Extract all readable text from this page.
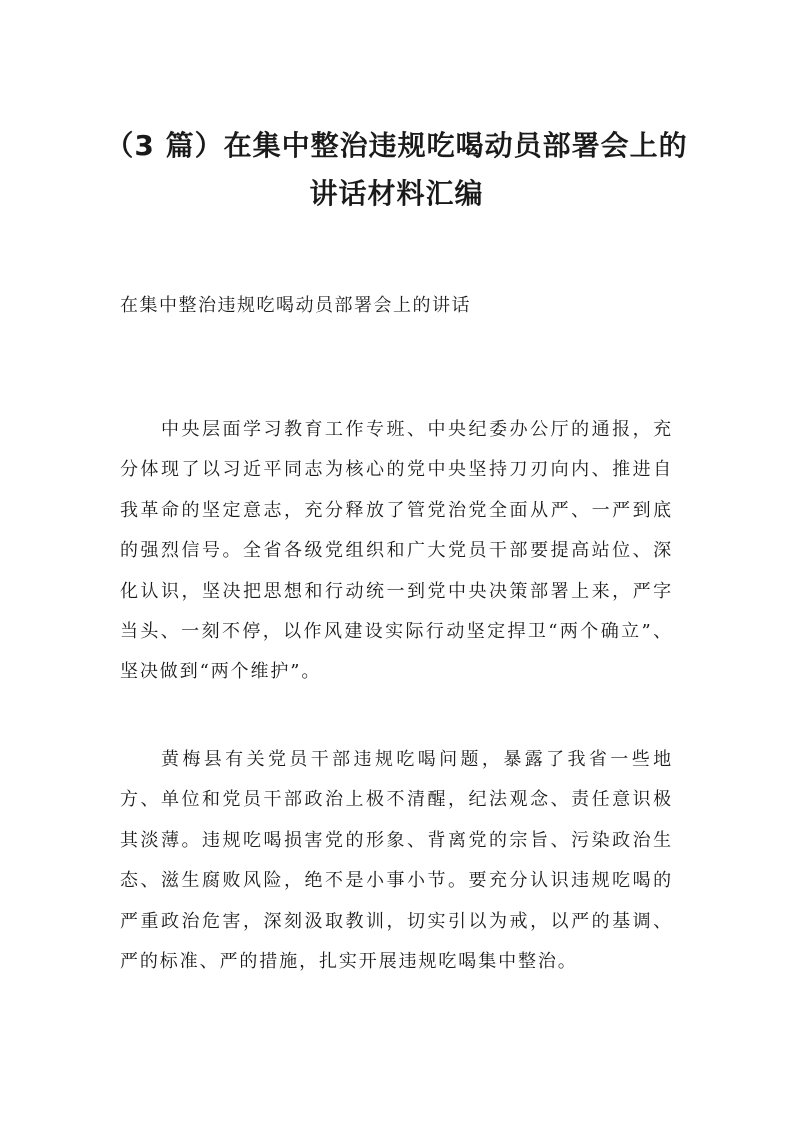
（3 篇）在集中整治违规吃喝动员部署会上的讲话材料汇编

在集中整治违规吃喝动员部署会上的讲话

中央层面学习教育工作专班、中央纪委办公厅的通报，充分体现了以习近平同志为核心的党中央坚持刀刃向内、推进自我革命的坚定意志，充分释放了管党治党全面从严、一严到底的强烈信号。全省各级党组织和广大党员干部要提高站位、深化认识，坚决把思想和行动统一到党中央决策部署上来，严字当头、一刻不停，以作风建设实际行动坚定捍卫“两个确立”、坚决做到“两个维护”。

黄梅县有关党员干部违规吃喝问题，暴露了我省一些地方、单位和党员干部政治上极不清醒，纪法观念、责任意识极其淡薄。违规吃喝损害党的形象、背离党的宗旨、污染政治生态、滋生腐败风险，绝不是小事小节。要充分认识违规吃喝的严重政治危害，深刻汲取教训，切实引以为戒，以严的基调、严的标准、严的措施，扎实开展违规吃喝集中整治。
